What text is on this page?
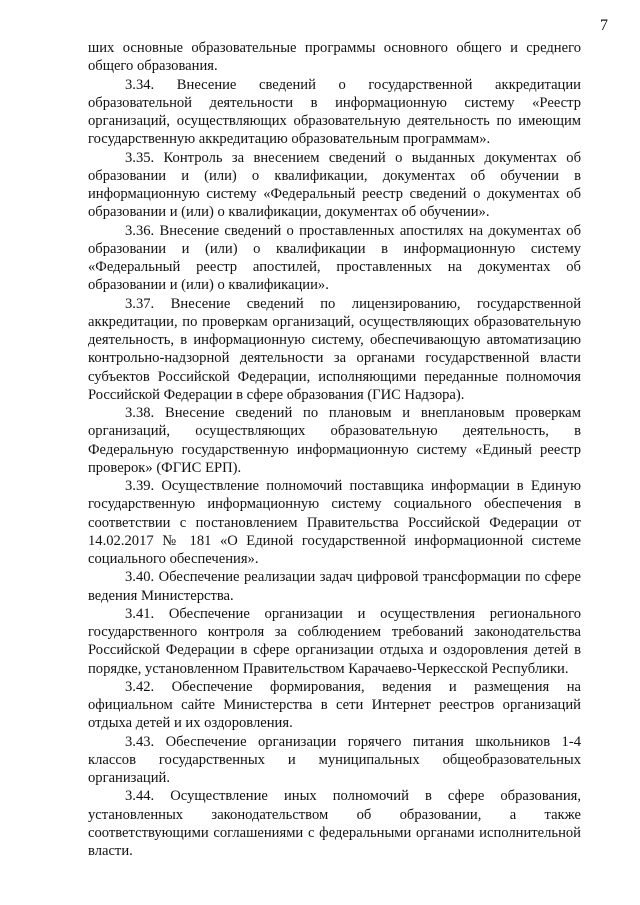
7

ших основные образовательные программы основного общего и среднего общего образования.

3.34. Внесение сведений о государственной аккредитации образовательной деятельности в информационную систему «Реестр организаций, осуществляющих образовательную деятельность по имеющим государственную аккредитацию образовательным программам».

3.35. Контроль за внесением сведений о выданных документах об образовании и (или) о квалификации, документах об обучении в информационную систему «Федеральный реестр сведений о документах об образовании и (или) о квалификации, документах об обучении».

3.36. Внесение сведений о проставленных апостилях на документах об образовании и (или) о квалификации в информационную систему «Федеральный реестр апостилей, проставленных на документах об образовании и (или) о квалификации».

3.37. Внесение сведений по лицензированию, государственной аккредитации, по проверкам организаций, осуществляющих образовательную деятельность, в информационную систему, обеспечивающую автоматизацию контрольно-надзорной деятельности за органами государственной власти субъектов Российской Федерации, исполняющими переданные полномочия Российской Федерации в сфере образования (ГИС Надзора).

3.38. Внесение сведений по плановым и внеплановым проверкам организаций, осуществляющих образовательную деятельность, в Федеральную государственную информационную систему «Единый реестр проверок» (ФГИС ЕРП).

3.39. Осуществление полномочий поставщика информации в Единую государственную информационную систему социального обеспечения в соответствии с постановлением Правительства Российской Федерации от 14.02.2017 № 181 «О Единой государственной информационной системе социального обеспечения».

3.40. Обеспечение реализации задач цифровой трансформации по сфере ведения Министерства.

3.41. Обеспечение организации и осуществления регионального государственного контроля за соблюдением требований законодательства Российской Федерации в сфере организации отдыха и оздоровления детей в порядке, установленном Правительством Карачаево-Черкесской Республики.

3.42. Обеспечение формирования, ведения и размещения на официальном сайте Министерства в сети Интернет реестров организаций отдыха детей и их оздоровления.

3.43. Обеспечение организации горячего питания школьников 1-4 классов государственных и муниципальных общеобразовательных организаций.

3.44. Осуществление иных полномочий в сфере образования, установленных законодательством об образовании, а также соответствующими соглашениями с федеральными органами исполнительной власти.
